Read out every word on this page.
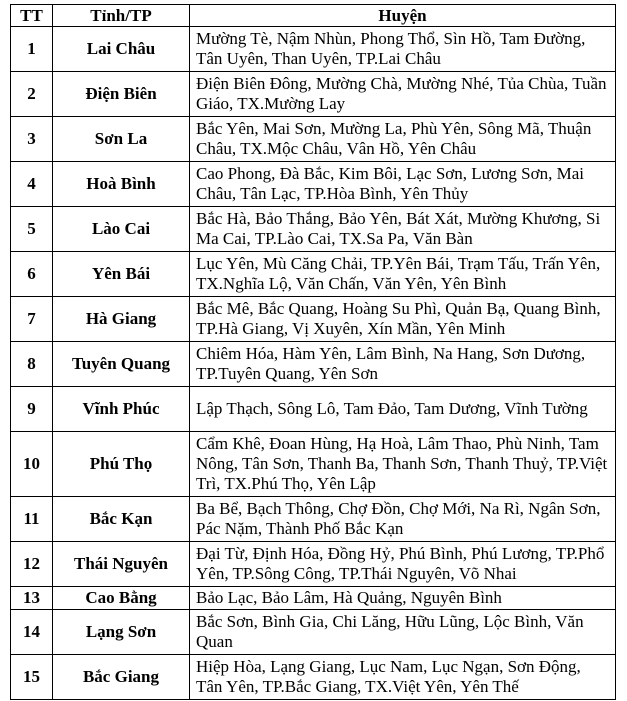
TT	Tỉnh/TP	Huyện
1	Lai Châu	Mường Tè, Nậm Nhùn, Phong Thổ, Sìn Hồ, Tam Đường, Tân Uyên, Than Uyên, TP.Lai Châu
2	Điện Biên	Điện Biên Đông, Mường Chà, Mường Nhé, Tủa Chùa, Tuần Giáo, TX.Mường Lay
3	Sơn La	Bắc Yên, Mai Sơn, Mường La, Phù Yên, Sông Mã, Thuận Châu, TX.Mộc Châu, Vân Hồ, Yên Châu
4	Hoà Bình	Cao Phong, Đà Bắc, Kim Bôi, Lạc Sơn, Lương Sơn, Mai Châu, Tân Lạc, TP.Hòa Bình, Yên Thủy
5	Lào Cai	Bắc Hà, Bảo Thắng, Bảo Yên, Bát Xát, Mường Khương, Si Ma Cai, TP.Lào Cai, TX.Sa Pa, Văn Bàn
6	Yên Bái	Lục Yên, Mù Căng Chải, TP.Yên Bái, Trạm Tấu, Trấn Yên, TX.Nghĩa Lộ, Văn Chấn, Văn Yên, Yên Bình
7	Hà Giang	Bắc Mê, Bắc Quang, Hoàng Su Phì, Quản Bạ, Quang Bình, TP.Hà Giang, Vị Xuyên, Xín Mần, Yên Minh
8	Tuyên Quang	Chiêm Hóa, Hàm Yên, Lâm Bình, Na Hang, Sơn Dương, TP.Tuyên Quang, Yên Sơn
9	Vĩnh Phúc	Lập Thạch, Sông Lô, Tam Đảo, Tam Dương, Vĩnh Tường
10	Phú Thọ	Cẩm Khê, Đoan Hùng, Hạ Hoà, Lâm Thao, Phù Ninh, Tam Nông, Tân Sơn, Thanh Ba, Thanh Sơn, Thanh Thuỷ, TP.Việt Trì, TX.Phú Thọ, Yên Lập
11	Bắc Kạn	Ba Bể, Bạch Thông, Chợ Đồn, Chợ Mới, Na Rì, Ngân Sơn, Pác Nặm, Thành Phố Bắc Kạn
12	Thái Nguyên	Đại Từ, Định Hóa, Đồng Hỷ, Phú Bình, Phú Lương, TP.Phổ Yên, TP.Sông Công, TP.Thái Nguyên, Võ Nhai
13	Cao Bằng	Bảo Lạc, Bảo Lâm, Hà Quảng, Nguyên Bình
14	Lạng Sơn	Bắc Sơn, Bình Gia, Chi Lăng, Hữu Lũng, Lộc Bình, Văn Quan
15	Bắc Giang	Hiệp Hòa, Lạng Giang, Lục Nam, Lục Ngạn, Sơn Động, Tân Yên, TP.Bắc Giang, TX.Việt Yên, Yên Thế
